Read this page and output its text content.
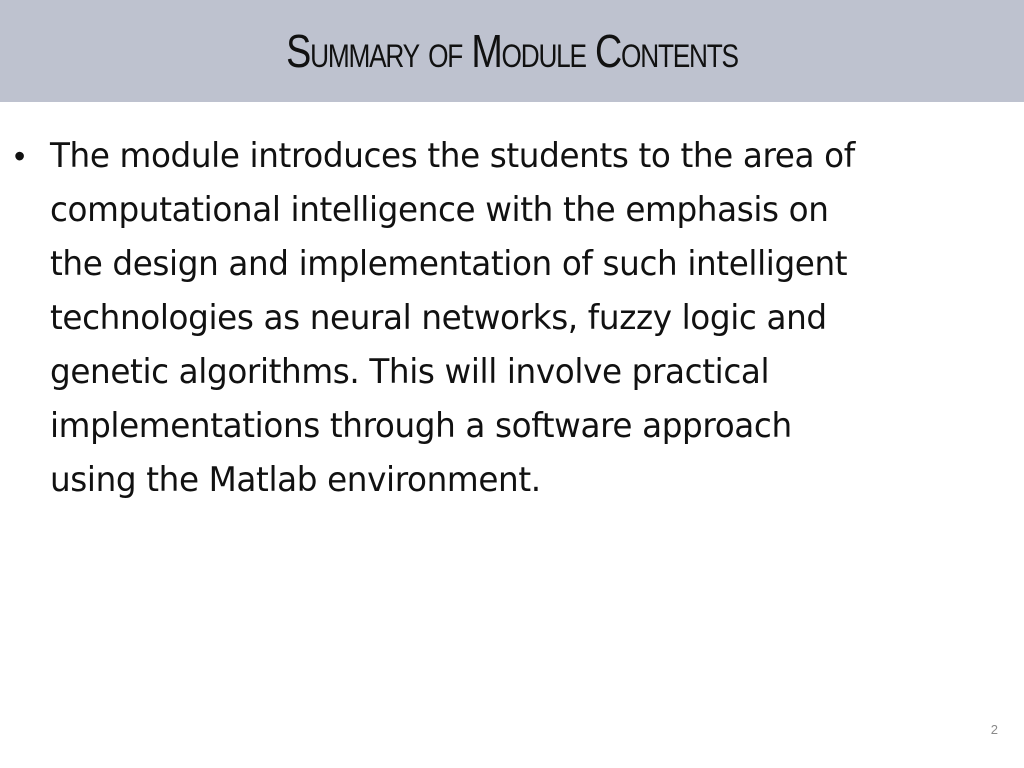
Summary of Module Contents
• The module introduces the students to the area of
computational intelligence with the emphasis on
the design and implementation of such intelligent
technologies as neural networks, fuzzy logic and
genetic algorithms. This will involve practical
implementations through a software approach
using the Matlab environment.
2
